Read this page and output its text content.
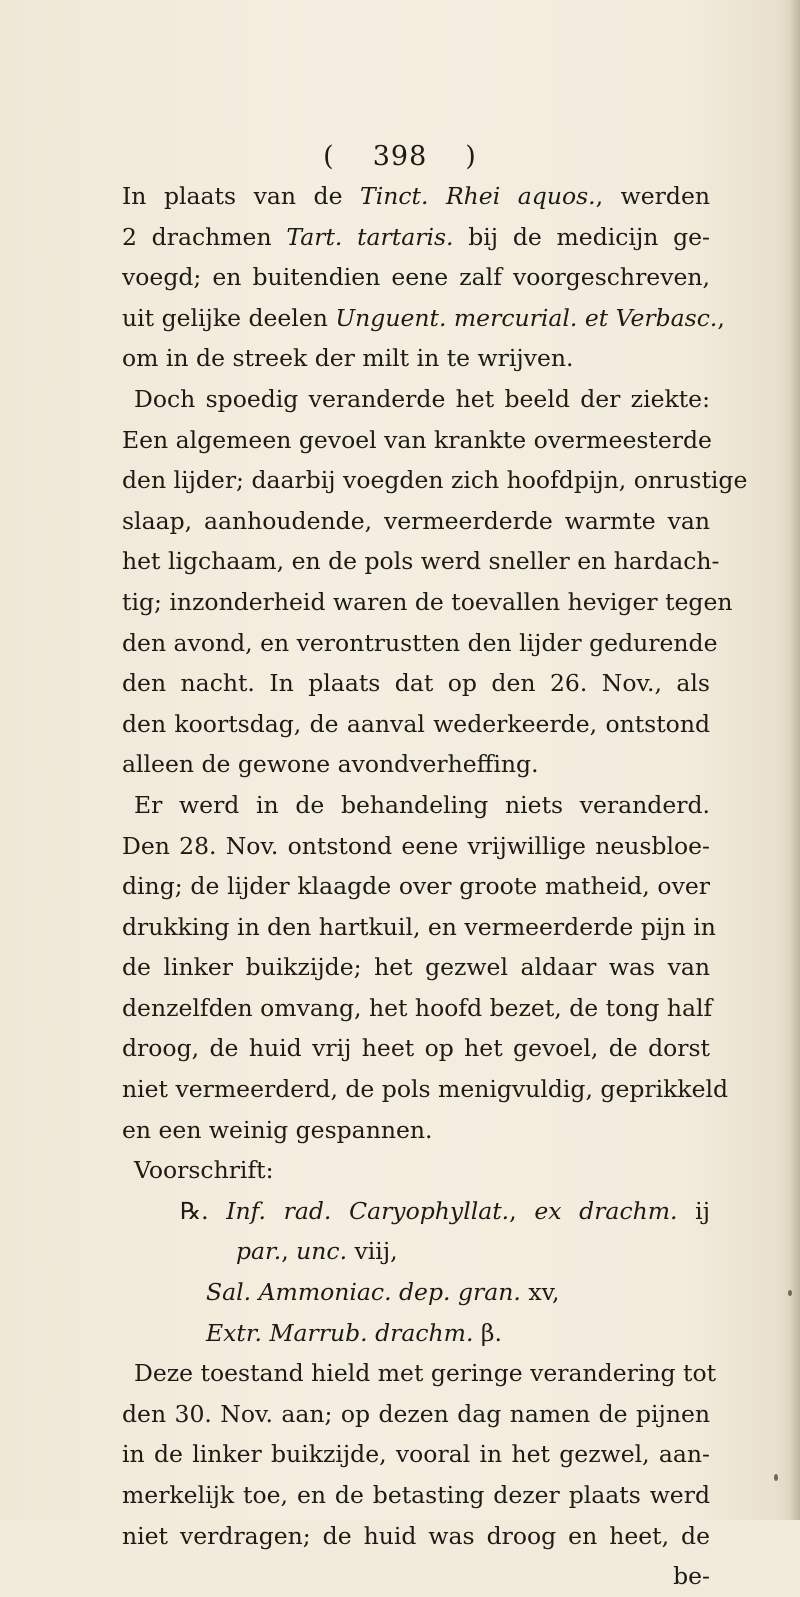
( 398 )
In plaats van de Tinct. Rhei aquos., werden
2 drachmen Tart. tartaris. bij de medicijn ge-
voegd; en buitendien eene zalf voorgeschreven,
uit gelijke deelen Unguent. mercurial. et Verbasc.,
om in de streek der milt in te wrijven.
Doch spoedig veranderde het beeld der ziekte:
Een algemeen gevoel van krankte overmeesterde
den lijder; daarbij voegden zich hoofdpijn, onrustige
slaap, aanhoudende, vermeerderde warmte van
het ligchaam, en de pols werd sneller en hardach-
tig; inzonderheid waren de toevallen heviger tegen
den avond, en verontrustten den lijder gedurende
den nacht. In plaats dat op den 26. Nov., als
den koortsdag, de aanval wederkeerde, ontstond
alleen de gewone avondverheffing.
Er werd in de behandeling niets veranderd.
Den 28. Nov. ontstond eene vrijwillige neusbloe-
ding; de lijder klaagde over groote matheid, over
drukking in den hartkuil, en vermeerderde pijn in
de linker buikzijde; het gezwel aldaar was van
denzelfden omvang, het hoofd bezet, de tong half
droog, de huid vrij heet op het gevoel, de dorst
niet vermeerderd, de pols menigvuldig, geprikkeld
en een weinig gespannen.
Voorschrift:
℞. Inf. rad. Caryophyllat., ex drachm. ij
par., unc. viij,
Sal. Ammoniac. dep. gran. xv,
Extr. Marrub. drachm. β.
Deze toestand hield met geringe verandering tot
den 30. Nov. aan; op dezen dag namen de pijnen
in de linker buikzijde, vooral in het gezwel, aan-
merkelijk toe, en de betasting dezer plaats werd
niet verdragen; de huid was droog en heet, de
be-
